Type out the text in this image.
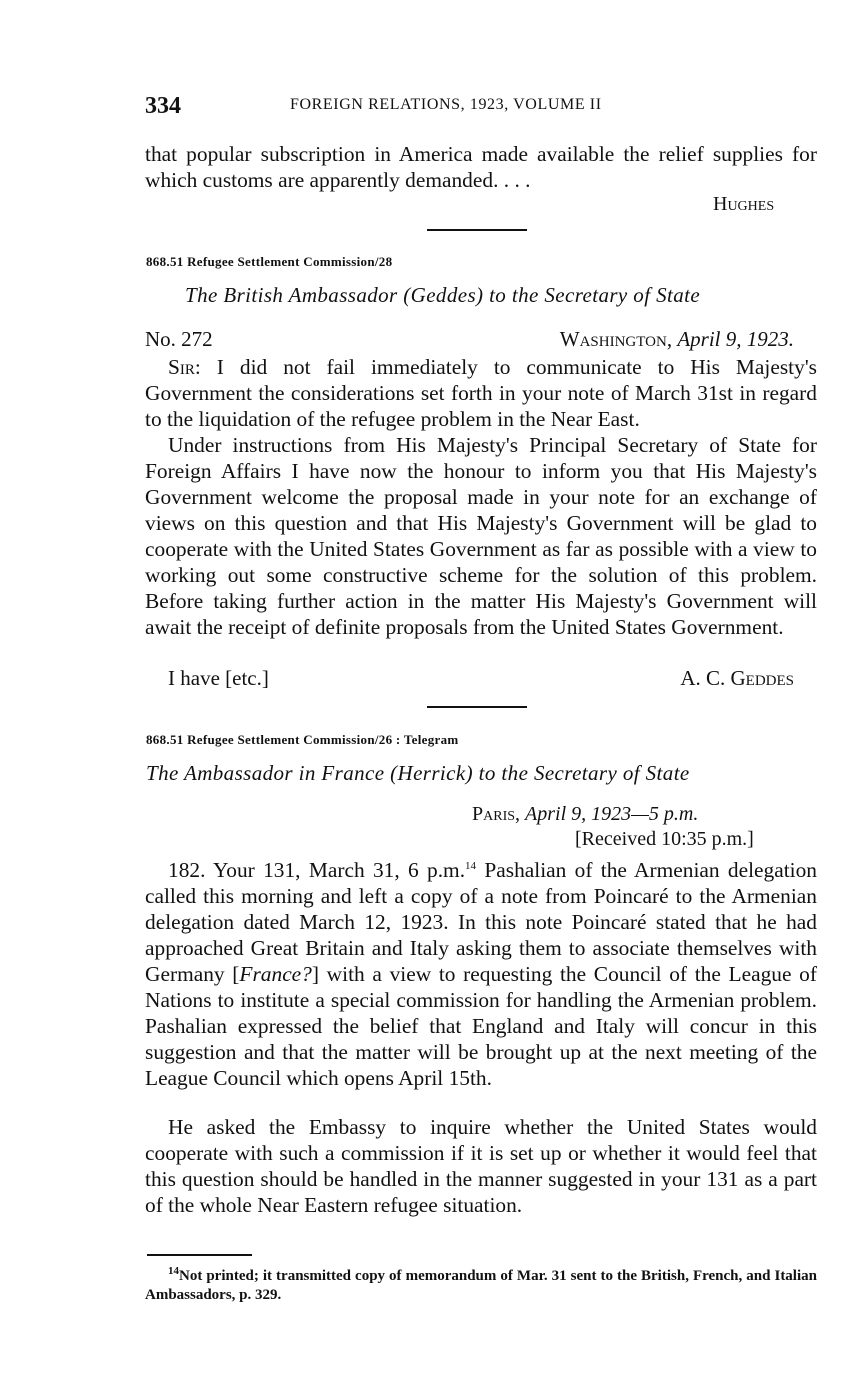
334	FOREIGN RELATIONS, 1923, VOLUME II
that popular subscription in America made available the relief supplies for which customs are apparently demanded. . . .
Hughes
868.51 Refugee Settlement Commission/28
The British Ambassador (Geddes) to the Secretary of State
No. 272	Washington, April 9, 1923.
Sir: I did not fail immediately to communicate to His Majesty's Government the considerations set forth in your note of March 31st in regard to the liquidation of the refugee problem in the Near East.
Under instructions from His Majesty's Principal Secretary of State for Foreign Affairs I have now the honour to inform you that His Majesty's Government welcome the proposal made in your note for an exchange of views on this question and that His Majesty's Government will be glad to cooperate with the United States Government as far as possible with a view to working out some constructive scheme for the solution of this problem. Before taking further action in the matter His Majesty's Government will await the receipt of definite proposals from the United States Government.
I have [etc.]	A. C. Geddes
868.51 Refugee Settlement Commission/26 : Telegram
The Ambassador in France (Herrick) to the Secretary of State
Paris, April 9, 1923—5 p.m.
[Received 10:35 p.m.]
182. Your 131, March 31, 6 p.m.$^{14}$ Pashalian of the Armenian delegation called this morning and left a copy of a note from Poincaré to the Armenian delegation dated March 12, 1923. In this note Poincaré stated that he had approached Great Britain and Italy asking them to associate themselves with Germany [France?] with a view to requesting the Council of the League of Nations to institute a special commission for handling the Armenian problem. Pashalian expressed the belief that England and Italy will concur in this suggestion and that the matter will be brought up at the next meeting of the League Council which opens April 15th.
He asked the Embassy to inquire whether the United States would cooperate with such a commission if it is set up or whether it would feel that this question should be handled in the manner suggested in your 131 as a part of the whole Near Eastern refugee situation.
$^{14}$Not printed; it transmitted copy of memorandum of Mar. 31 sent to the British, French, and Italian Ambassadors, p. 329.
